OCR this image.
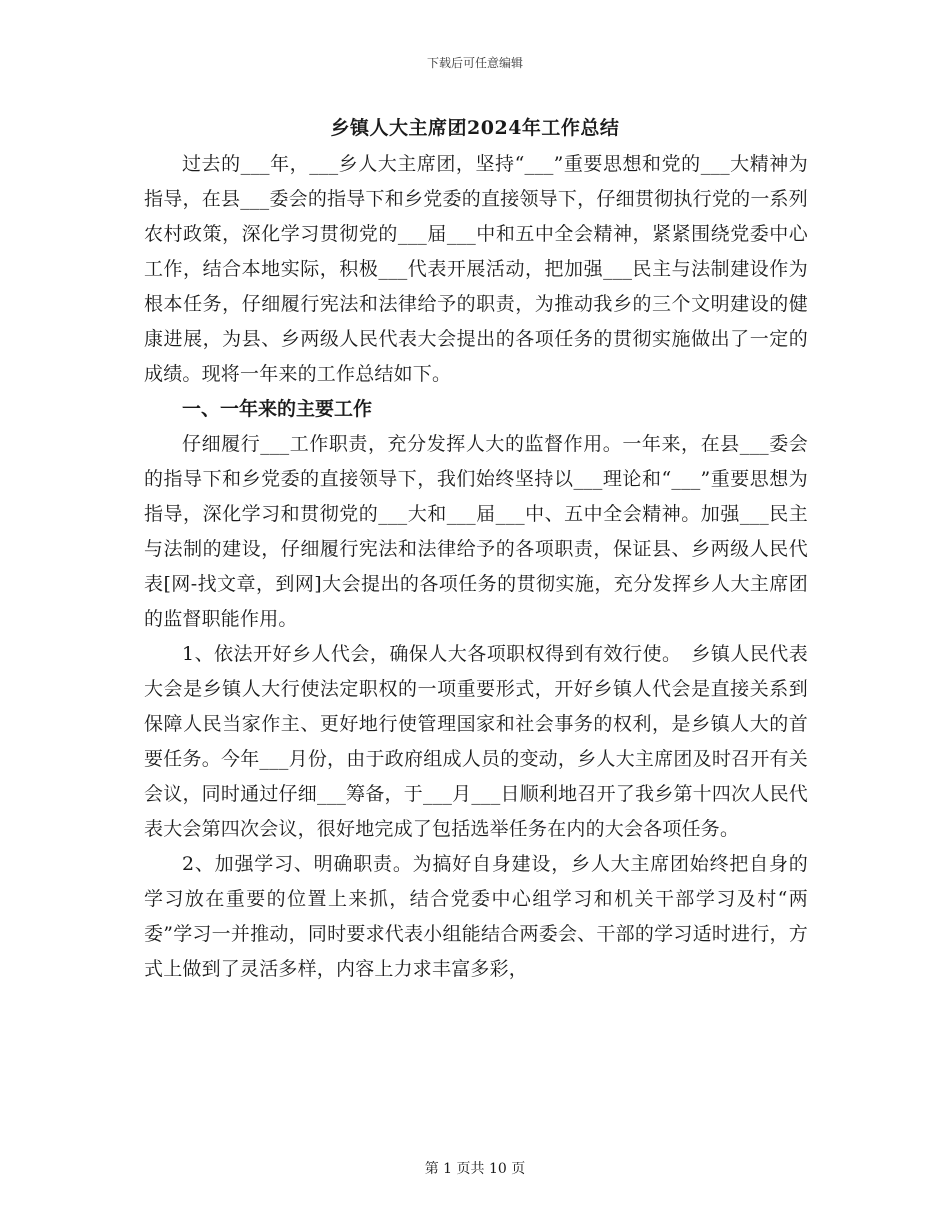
下载后可任意编辑
乡镇人大主席团2024年工作总结

过去的___年，___乡人大主席团，坚持“___”重要思想和党的___大精神为指导，在县___委会的指导下和乡党委的直接领导下，仔细贯彻执行党的一系列农村政策，深化学习贯彻党的___届___中和五中全会精神，紧紧围绕党委中心工作，结合本地实际，积极___代表开展活动，把加强___民主与法制建设作为根本任务，仔细履行宪法和法律给予的职责，为推动我乡的三个文明建设的健康进展，为县、乡两级人民代表大会提出的各项任务的贯彻实施做出了一定的成绩。现将一年来的工作总结如下。

一、一年来的主要工作

仔细履行___工作职责，充分发挥人大的监督作用。一年来，在县___委会的指导下和乡党委的直接领导下，我们始终坚持以___理论和“___”重要思想为指导，深化学习和贯彻党的___大和___届___中、五中全会精神。加强___民主与法制的建设，仔细履行宪法和法律给予的各项职责，保证县、乡两级人民代表[网-找文章，到网]大会提出的各项任务的贯彻实施，充分发挥乡人大主席团的监督职能作用。

1、依法开好乡人代会，确保人大各项职权得到有效行使。　乡镇人民代表大会是乡镇人大行使法定职权的一项重要形式，开好乡镇人代会是直接关系到保障人民当家作主、更好地行使管理国家和社会事务的权利，是乡镇人大的首要任务。今年___月份，由于政府组成人员的变动，乡人大主席团及时召开有关会议，同时通过仔细___筹备，于___月___日顺利地召开了我乡第十四次人民代表大会第四次会议，很好地完成了包括选举任务在内的大会各项任务。

2、加强学习、明确职责。为搞好自身建设，乡人大主席团始终把自身的学习放在重要的位置上来抓，结合党委中心组学习和机关干部学习及村“两委”学习一并推动，同时要求代表小组能结合两委会、干部的学习适时进行，方式上做到了灵活多样，内容上力求丰富多彩，

第 1 页共 10 页
